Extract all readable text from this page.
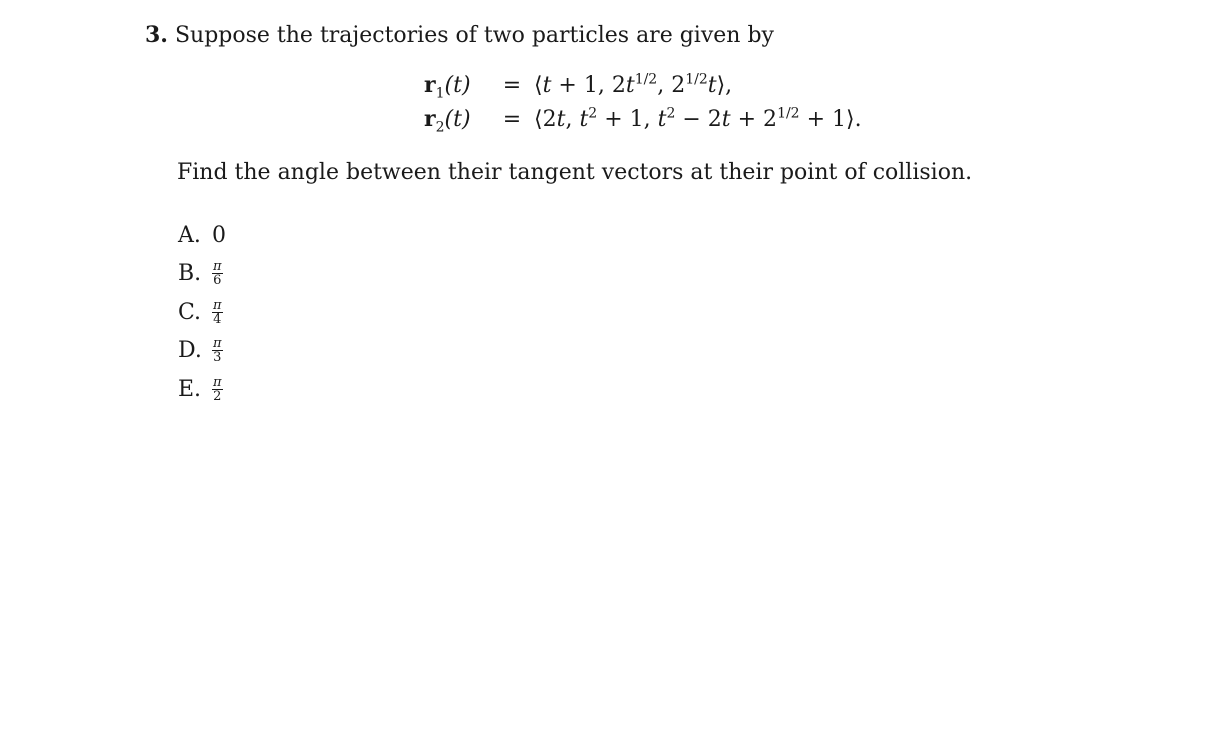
3. Suppose the trajectories of two particles are given by
$r_1(t)$	= ⟨t + 1, $2t^{1/2}$, $2^{1/2}t⟩$,
$r_2(t)$	= ⟨2t, $t^2 + 1$, $t^2 - 2t + 2^{1/2}$ + 1⟩.
Find the angle between their tangent vectors at their point of collision.
A. 0
B. $\frac{\pi}{6}$
C. $\frac{\pi}{4}$
D. $\frac{\pi}{3}$
E. $\frac{\pi}{2}$
